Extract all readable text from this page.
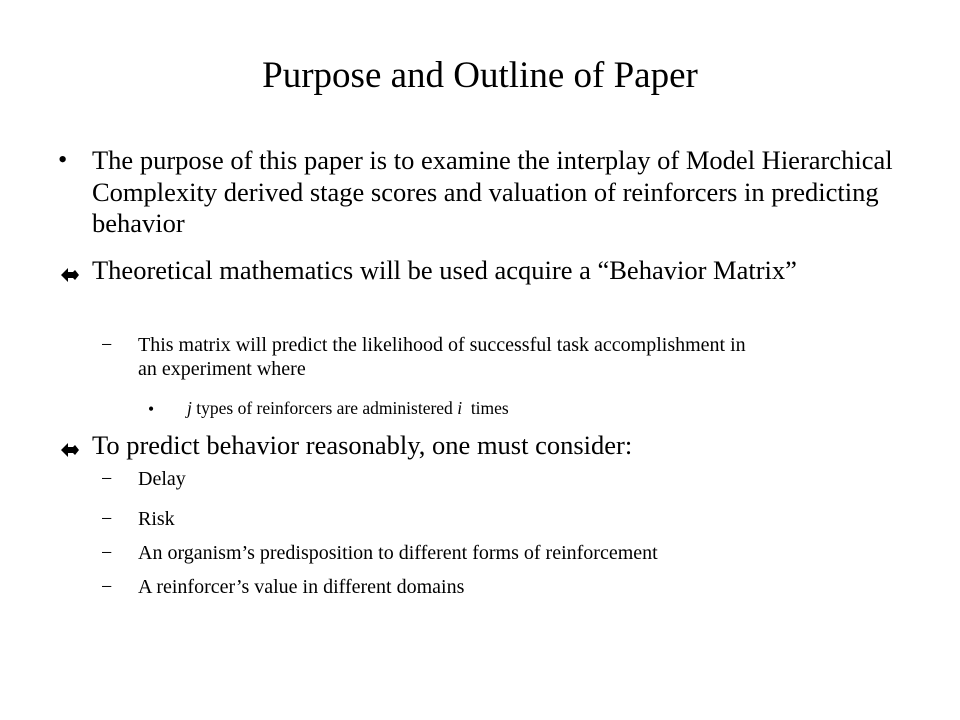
Purpose and Outline of Paper
• The purpose of this paper is to examine the interplay of Model Hierarchical Complexity derived stage scores and valuation of reinforcers in predicting behavior
Theoretical mathematics will be used acquire a “Behavior Matrix”
− This matrix will predict the likelihood of successful task accomplishment in an experiment where
• j types of reinforcers are administered i  times
To predict behavior reasonably, one must consider:
− Delay
− Risk
− An organism’s predisposition to different forms of reinforcement
− A reinforcer’s value in different domains
